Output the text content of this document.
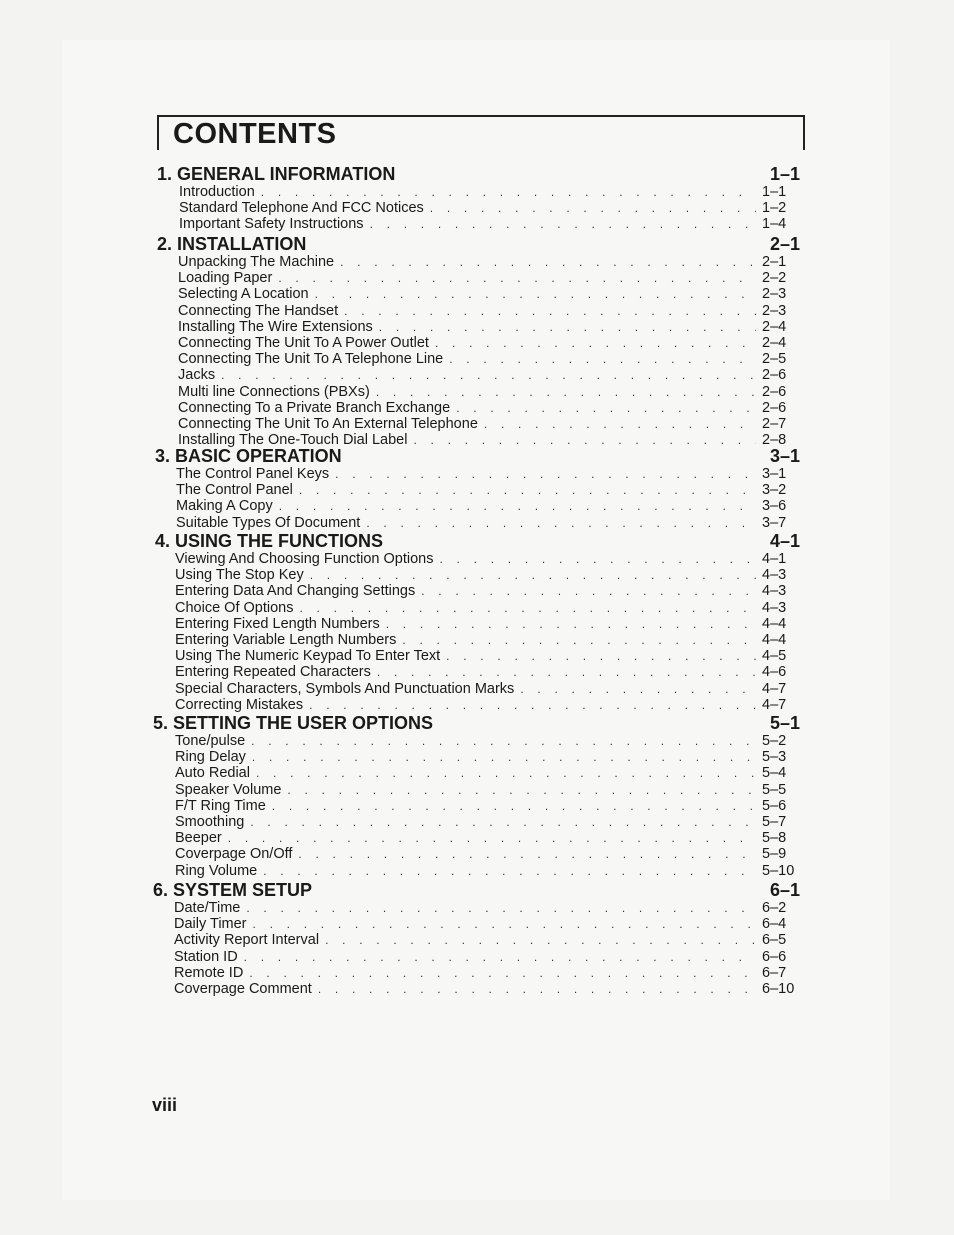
CONTENTS
1. GENERAL INFORMATION	1–1
Introduction . . .	1–1
Standard Telephone And FCC Notices . . .	1–2
Important Safety Instructions . . .	1–4
2. INSTALLATION	2–1
Unpacking The Machine . . .	2–1
Loading Paper . . .	2–2
Selecting A Location . . .	2–3
Connecting The Handset . . .	2–3
Installing The Wire Extensions . . .	2–4
Connecting The Unit To A Power Outlet . . .	2–4
Connecting The Unit To A Telephone Line . . .	2–5
Jacks . . .	2–6
Multi line Connections (PBXs) . . .	2–6
Connecting To a Private Branch Exchange . . .	2–6
Connecting The Unit To An External Telephone . . .	2–7
Installing The One-Touch Dial Label . . .	2–8
3. BASIC OPERATION	3–1
The Control Panel Keys . . .	3–1
The Control Panel . . .	3–2
Making A Copy . . .	3–6
Suitable Types Of Document . . .	3–7
4. USING THE FUNCTIONS	4–1
Viewing And Choosing Function Options . . .	4–1
Using The Stop Key . . .	4–3
Entering Data And Changing Settings . . .	4–3
Choice Of Options . . .	4–3
Entering Fixed Length Numbers . . .	4–4
Entering Variable Length Numbers . . .	4–4
Using The Numeric Keypad To Enter Text . . .	4–5
Entering Repeated Characters . . .	4–6
Special Characters, Symbols And Punctuation Marks . . .	4–7
Correcting Mistakes . . .	4–7
5. SETTING THE USER OPTIONS	5–1
Tone/pulse . . .	5–2
Ring Delay . . .	5–3
Auto Redial . . .	5–4
Speaker Volume . . .	5–5
F/T Ring Time . . .	5–6
Smoothing . . .	5–7
Beeper . . .	5–8
Coverpage On/Off . . .	5–9
Ring Volume . . .	5–10
6. SYSTEM SETUP	6–1
Date/Time . . .	6–2
Daily Timer . . .	6–4
Activity Report Interval . . .	6–5
Station ID . . .	6–6
Remote ID . . .	6–7
Coverpage Comment . . .	6–10
viii
